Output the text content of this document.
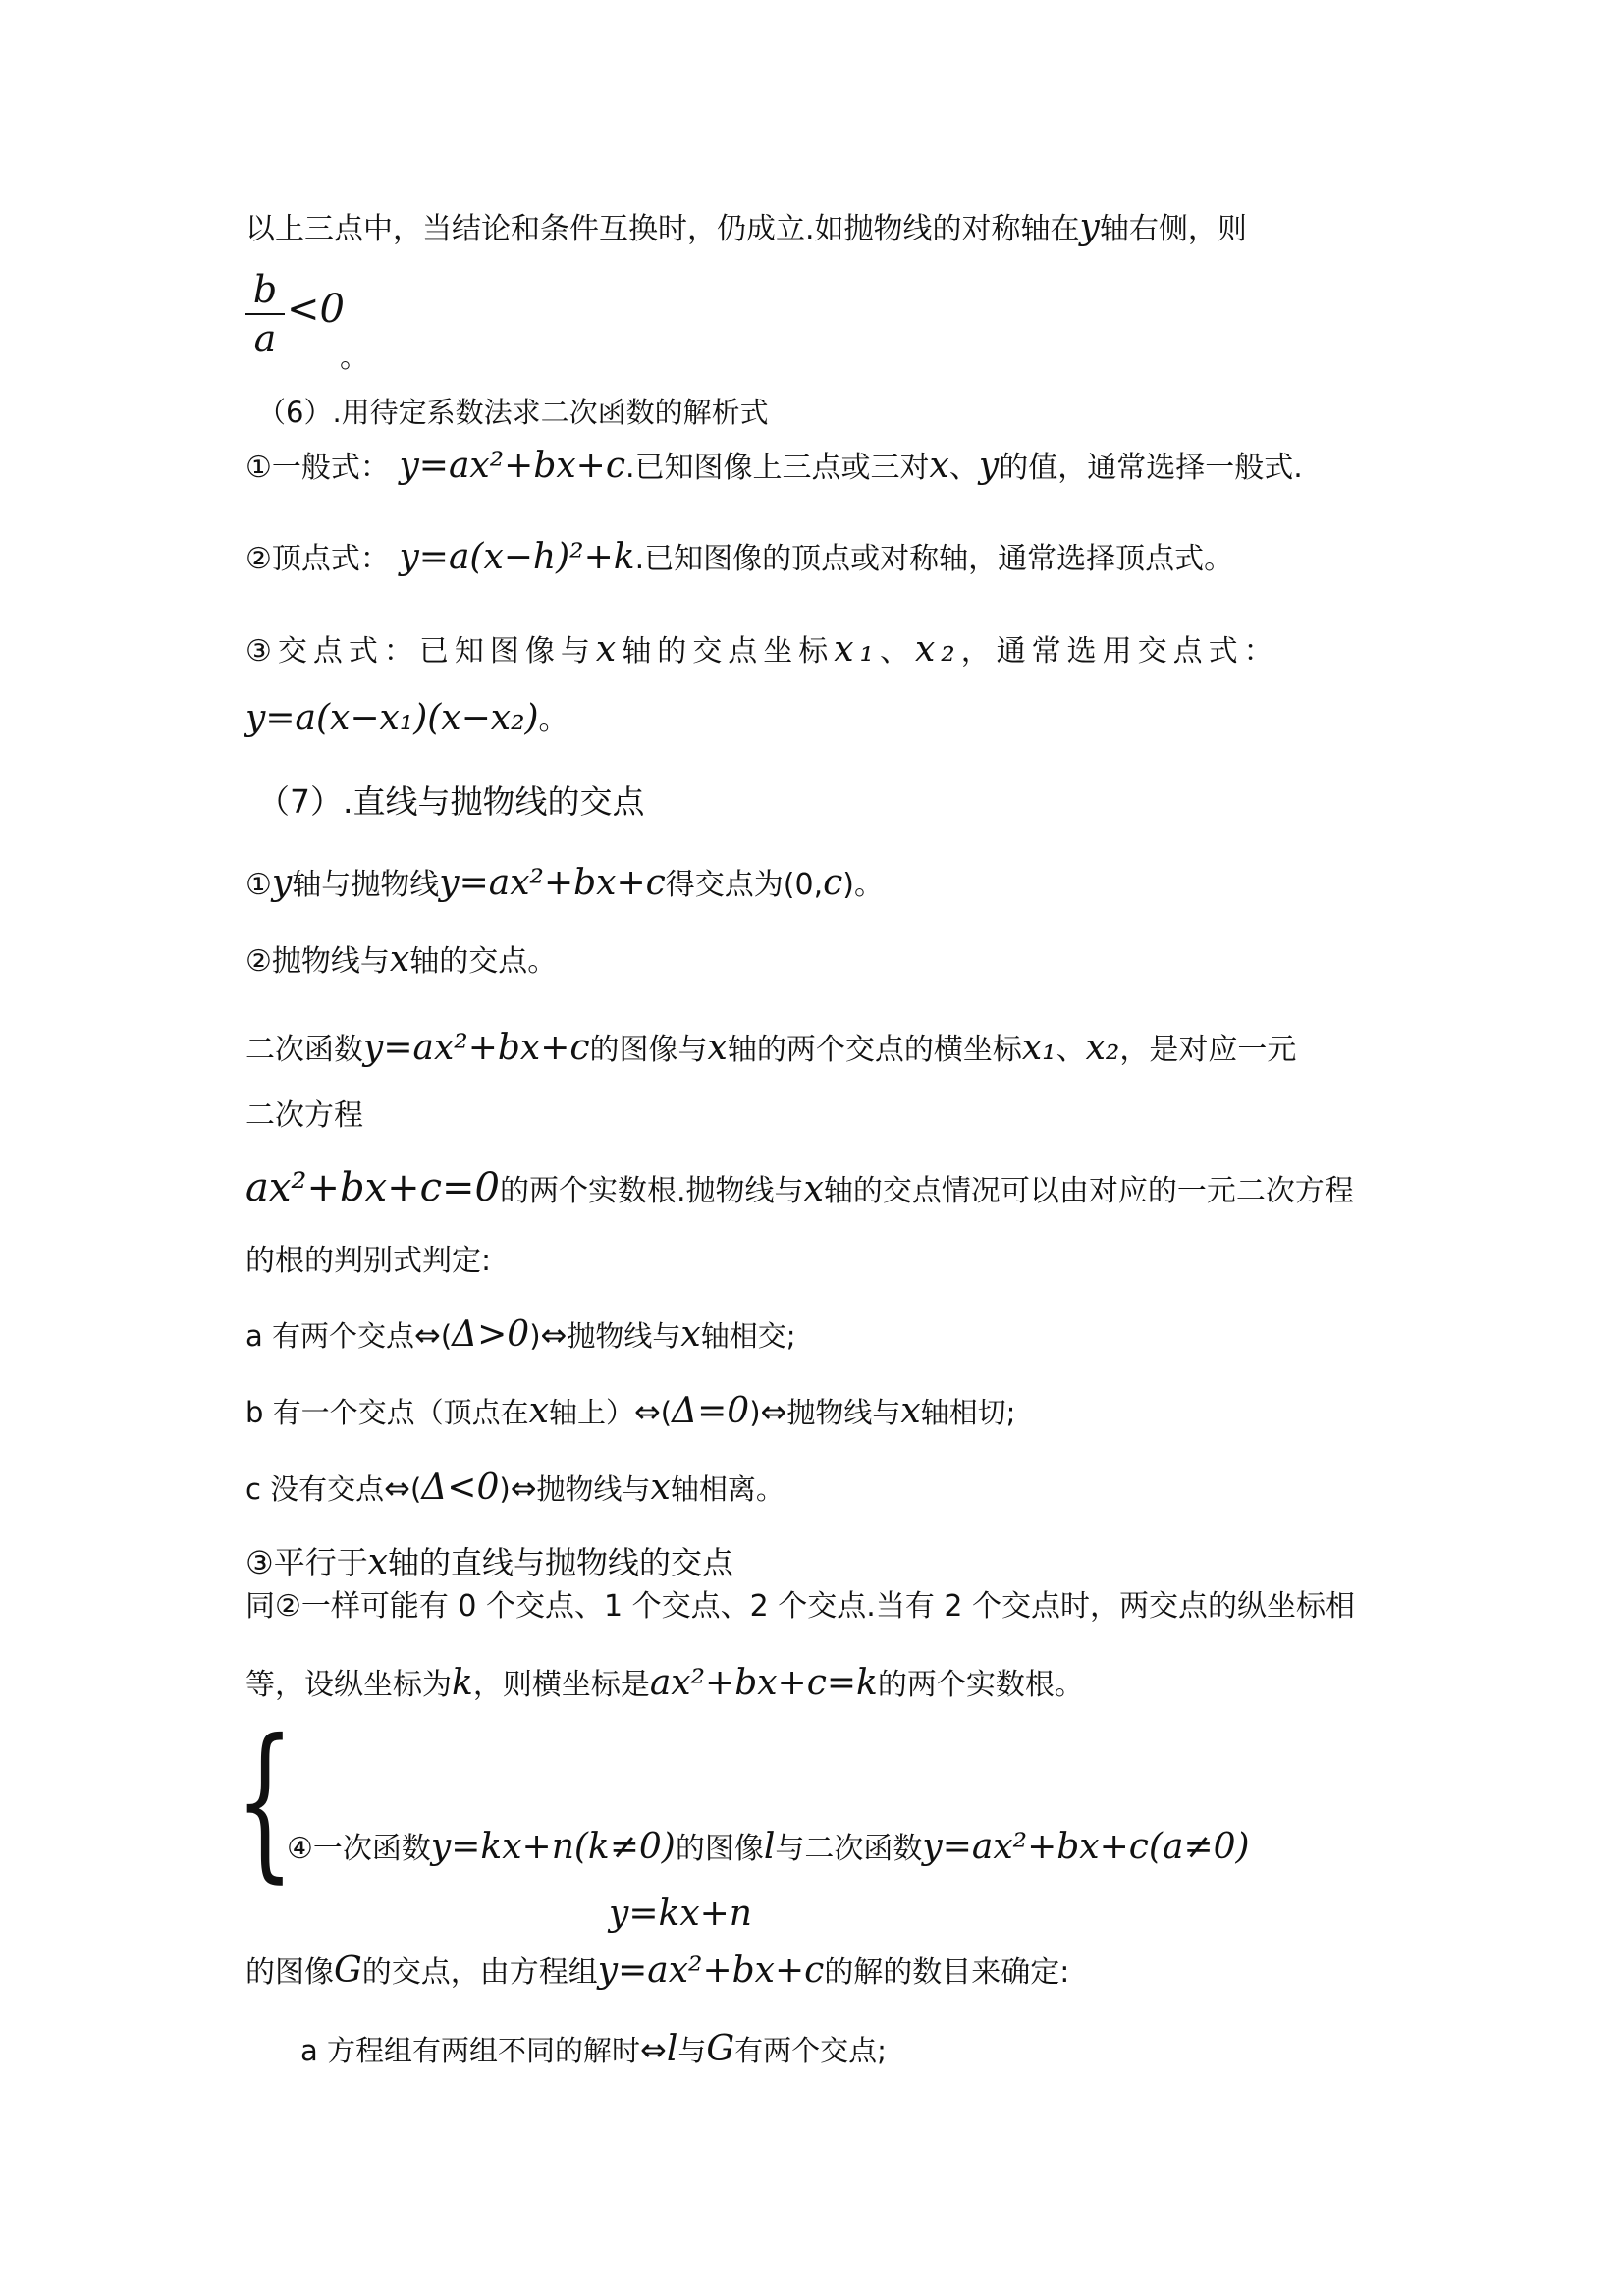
以上三点中，当结论和条件互换时，仍成立.如抛物线的对称轴在y轴右侧，则
b
a
<0
。
（6）.用待定系数法求二次函数的解析式
①一般式： y=ax²+bx+c.已知图像上三点或三对x、y的值，通常选择一般式.
②顶点式： y=a(x−h)²+k.已知图像的顶点或对称轴，通常选择顶点式。
③交点式：已知图像与x轴的交点坐标x₁、x₂，通常选用交点式：
y=a(x−x₁)(x−x₂)。
（7）.直线与抛物线的交点
①y轴与抛物线y=ax²+bx+c得交点为(0,c)。
②抛物线与x轴的交点。
二次函数y=ax²+bx+c的图像与x轴的两个交点的横坐标x₁、x₂，是对应一元
二次方程
ax²+bx+c=0的两个实数根.抛物线与x轴的交点情况可以由对应的一元二次方程
的根的判别式判定:
a 有两个交点⇔(Δ>0)⇔抛物线与x轴相交;
b 有一个交点（顶点在x轴上）⇔(Δ=0)⇔抛物线与x轴相切;
c 没有交点⇔(Δ<0)⇔抛物线与x轴相离。
③平行于x轴的直线与抛物线的交点
同②一样可能有 0 个交点、1 个交点、2 个交点.当有 2 个交点时，两交点的纵坐标相
等，设纵坐标为k，则横坐标是ax²+bx+c=k的两个实数根。
{
④一次函数y=kx+n(k≠0)的图像l与二次函数y=ax²+bx+c(a≠0)
y=kx+n
的图像G的交点，由方程组y=ax²+bx+c的解的数目来确定:
a 方程组有两组不同的解时⇔l与G有两个交点;
